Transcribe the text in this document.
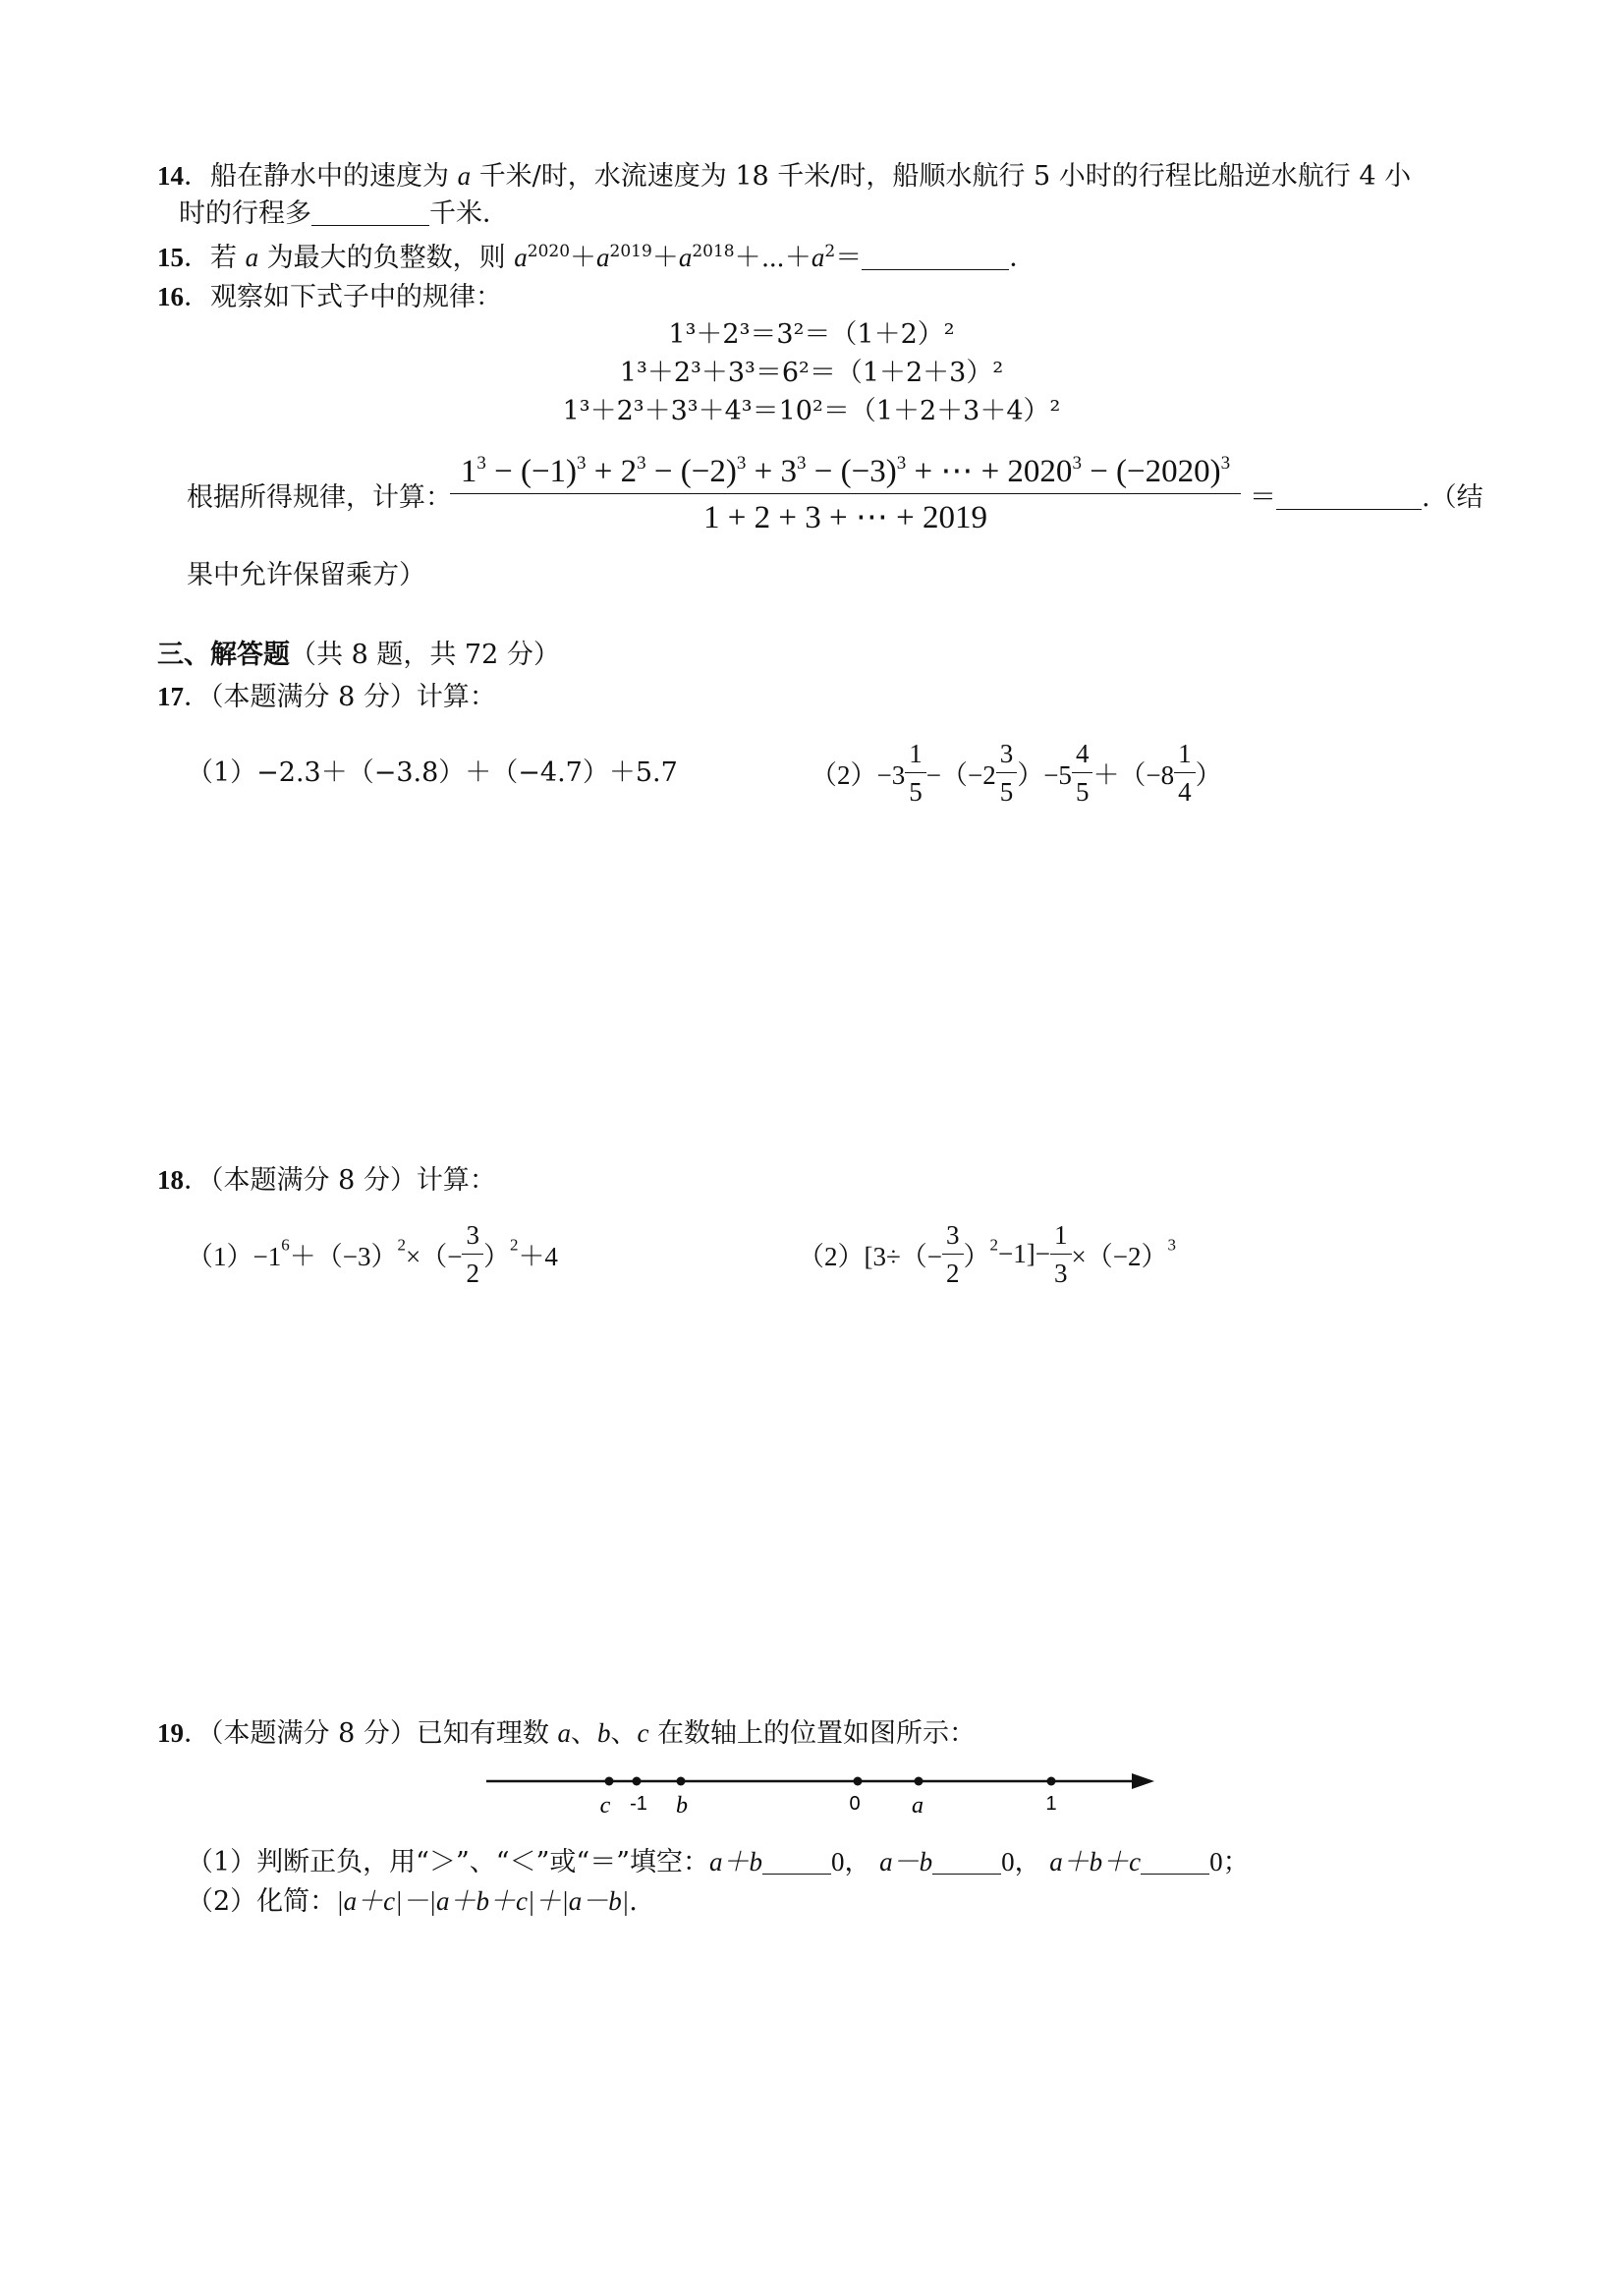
14．船在静水中的速度为 a 千米/时，水流速度为 18 千米/时，船顺水航行 5 小时的行程比船逆水航行 4 小
时的行程多	千米．
15．若 a 为最大的负整数，则 $a^{2020}+a^{2019}+a^{2018}+\cdots+a^2=$	．
16．观察如下式子中的规律：
1³＋2³＝3²＝（1＋2）²
1³＋2³＋3³＝6²＝（1＋2＋3）²
1³＋2³＋3³＋4³＝10²＝（1＋2＋3＋4）²
根据所得规律，计算：
$\frac{1^3 - (-1)^3 + 2^3 - (-2)^3 + 3^3 - (-3)^3 + \cdots + 2020^3 - (-2020)^3}{1 + 2 + 3 + \cdots + 2019}$ ＝	.（结
果中允许保留乘方）
三、解答题（共 8 题，共 72 分）
17．（本题满分 8 分）计算：
（1）−2.3＋（−3.8）＋（−4.7）＋5.7	$(2)-3 \frac{1}{5} -(-2 \frac{3}{5} )-5 \frac{4}{5} +(-8 \frac{1}{4}$ ）
18．（本题满分 8 分）计算：
$(1)-1^6+(-3)^2\times(- \frac{3}{2} )^2+4$	$(2)[3\div(- \frac{3}{2} )^2-1]- \frac{1}{3} \times(-2)^3$
19．（本题满分 8 分）已知有理数 a、b、c 在数轴上的位置如图所示：
c -1 b	0 a	1
（1）判断正负，用“＞”、“＜”或“＝”填空：a＋b	0， a－b	0， a＋b＋c	0；
（2）化简：|a＋c|－|a＋b＋c|＋|a－b|.
